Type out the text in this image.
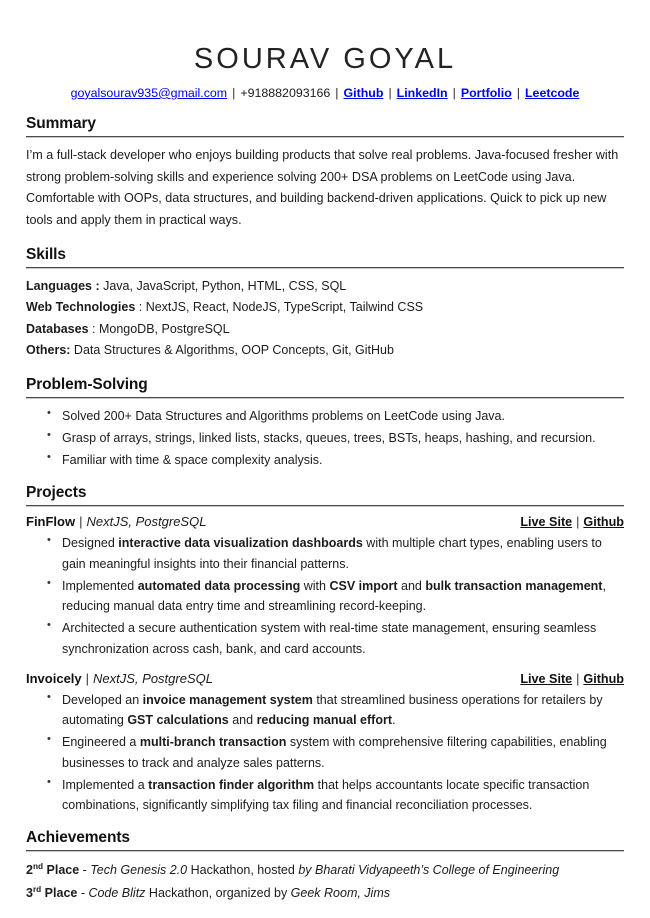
SOURAV GOYAL
goyalsourav935@gmail.com | +918882093166 | Github | LinkedIn | Portfolio | Leetcode
Summary
I’m a full-stack developer who enjoys building products that solve real problems. Java-focused fresher with strong problem-solving skills and experience solving 200+ DSA problems on LeetCode using Java. Comfortable with OOPs, data structures, and building backend-driven applications. Quick to pick up new tools and apply them in practical ways.
Skills
Languages : Java, JavaScript, Python, HTML, CSS, SQL
Web Technologies : NextJS, React, NodeJS, TypeScript, Tailwind CSS
Databases : MongoDB, PostgreSQL
Others: Data Structures & Algorithms, OOP Concepts, Git, GitHub
Problem-Solving
• Solved 200+ Data Structures and Algorithms problems on LeetCode using Java.
• Grasp of arrays, strings, linked lists, stacks, queues, trees, BSTs, heaps, hashing, and recursion.
• Familiar with time & space complexity analysis.
Projects
FinFlow | NextJS, PostgreSQL	Live Site | Github
• Designed interactive data visualization dashboards with multiple chart types, enabling users to gain meaningful insights into their financial patterns.
• Implemented automated data processing with CSV import and bulk transaction management, reducing manual data entry time and streamlining record-keeping.
• Architected a secure authentication system with real-time state management, ensuring seamless synchronization across cash, bank, and card accounts.
Invoicely | NextJS, PostgreSQL	Live Site | Github
• Developed an invoice management system that streamlined business operations for retailers by automating GST calculations and reducing manual effort.
• Engineered a multi-branch transaction system with comprehensive filtering capabilities, enabling businesses to track and analyze sales patterns.
• Implemented a transaction finder algorithm that helps accountants locate specific transaction combinations, significantly simplifying tax filing and financial reconciliation processes.
Achievements
2nd Place - Tech Genesis 2.0 Hackathon, hosted by Bharati Vidyapeeth’s College of Engineering
3rd Place - Code Blitz Hackathon, organized by Geek Room, Jims
